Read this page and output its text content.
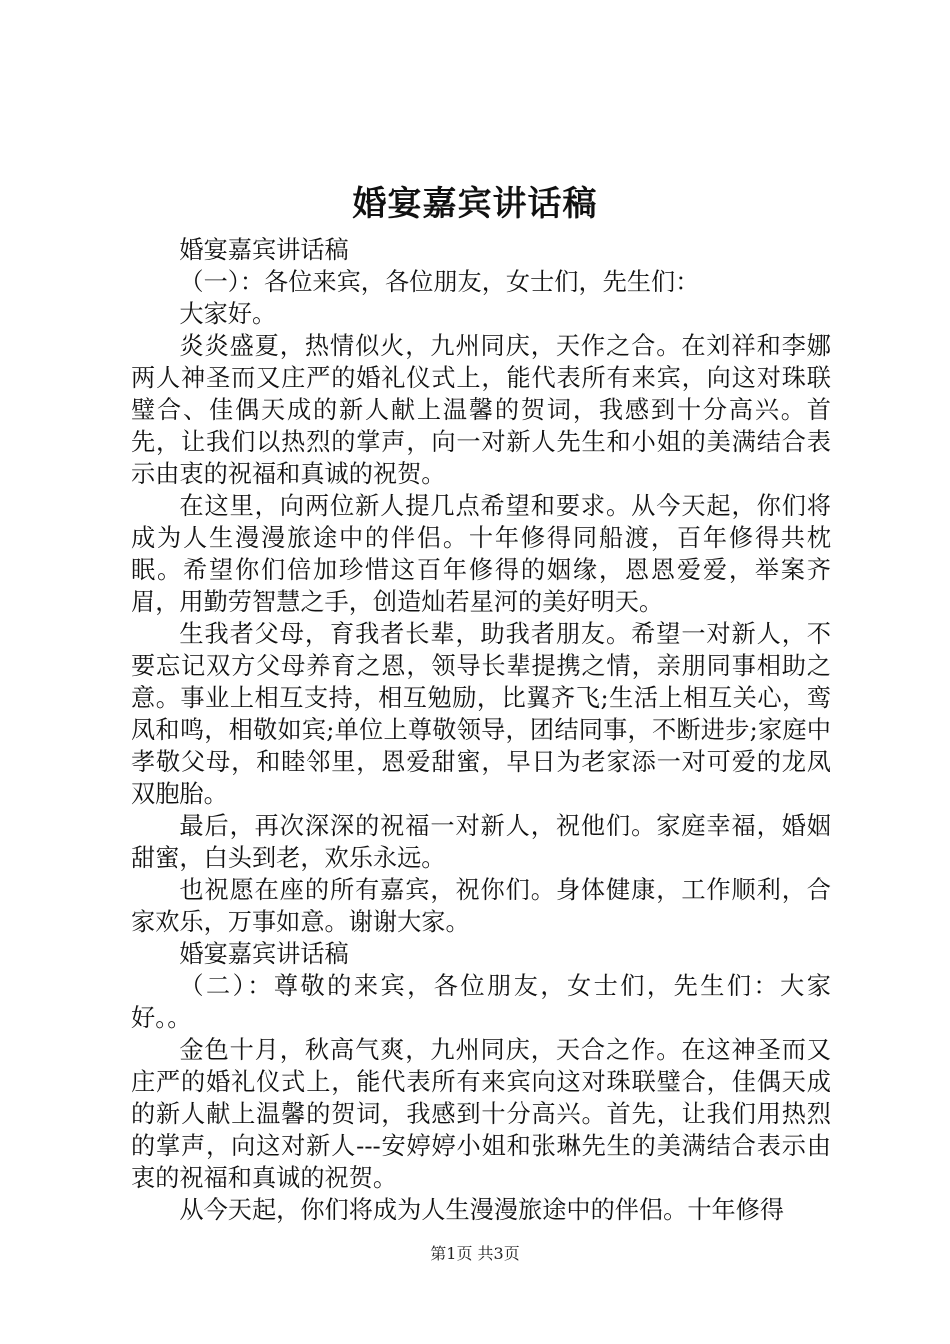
婚宴嘉宾讲话稿

婚宴嘉宾讲话稿

（一）：各位来宾，各位朋友，女士们，先生们：

大家好。

炎炎盛夏，热情似火，九州同庆，天作之合。在刘祥和李娜两人神圣而又庄严的婚礼仪式上，能代表所有来宾，向这对珠联璧合、佳偶天成的新人献上温馨的贺词，我感到十分高兴。首先，让我们以热烈的掌声，向一对新人先生和小姐的美满结合表示由衷的祝福和真诚的祝贺。

在这里，向两位新人提几点希望和要求。从今天起，你们将成为人生漫漫旅途中的伴侣。十年修得同船渡，百年修得共枕眠。希望你们倍加珍惜这百年修得的姻缘，恩恩爱爱，举案齐眉，用勤劳智慧之手，创造灿若星河的美好明天。

生我者父母，育我者长辈，助我者朋友。希望一对新人，不要忘记双方父母养育之恩，领导长辈提携之情，亲朋同事相助之意。事业上相互支持，相互勉励，比翼齐飞;生活上相互关心，鸾凤和鸣，相敬如宾;单位上尊敬领导，团结同事，不断进步;家庭中孝敬父母，和睦邻里，恩爱甜蜜，早日为老家添一对可爱的龙凤双胞胎。

最后，再次深深的祝福一对新人，祝他们。家庭幸福，婚姻甜蜜，白头到老，欢乐永远。

也祝愿在座的所有嘉宾，祝你们。身体健康，工作顺利，合家欢乐，万事如意。谢谢大家。

婚宴嘉宾讲话稿

（二）：尊敬的来宾，各位朋友，女士们，先生们：大家好。。

金色十月，秋高气爽，九州同庆，天合之作。在这神圣而又庄严的婚礼仪式上，能代表所有来宾向这对珠联璧合，佳偶天成的新人献上温馨的贺词，我感到十分高兴。首先，让我们用热烈的掌声，向这对新人---安婷婷小姐和张琳先生的美满结合表示由衷的祝福和真诚的祝贺。

从今天起，你们将成为人生漫漫旅途中的伴侣。十年修得

第1页 共3页
